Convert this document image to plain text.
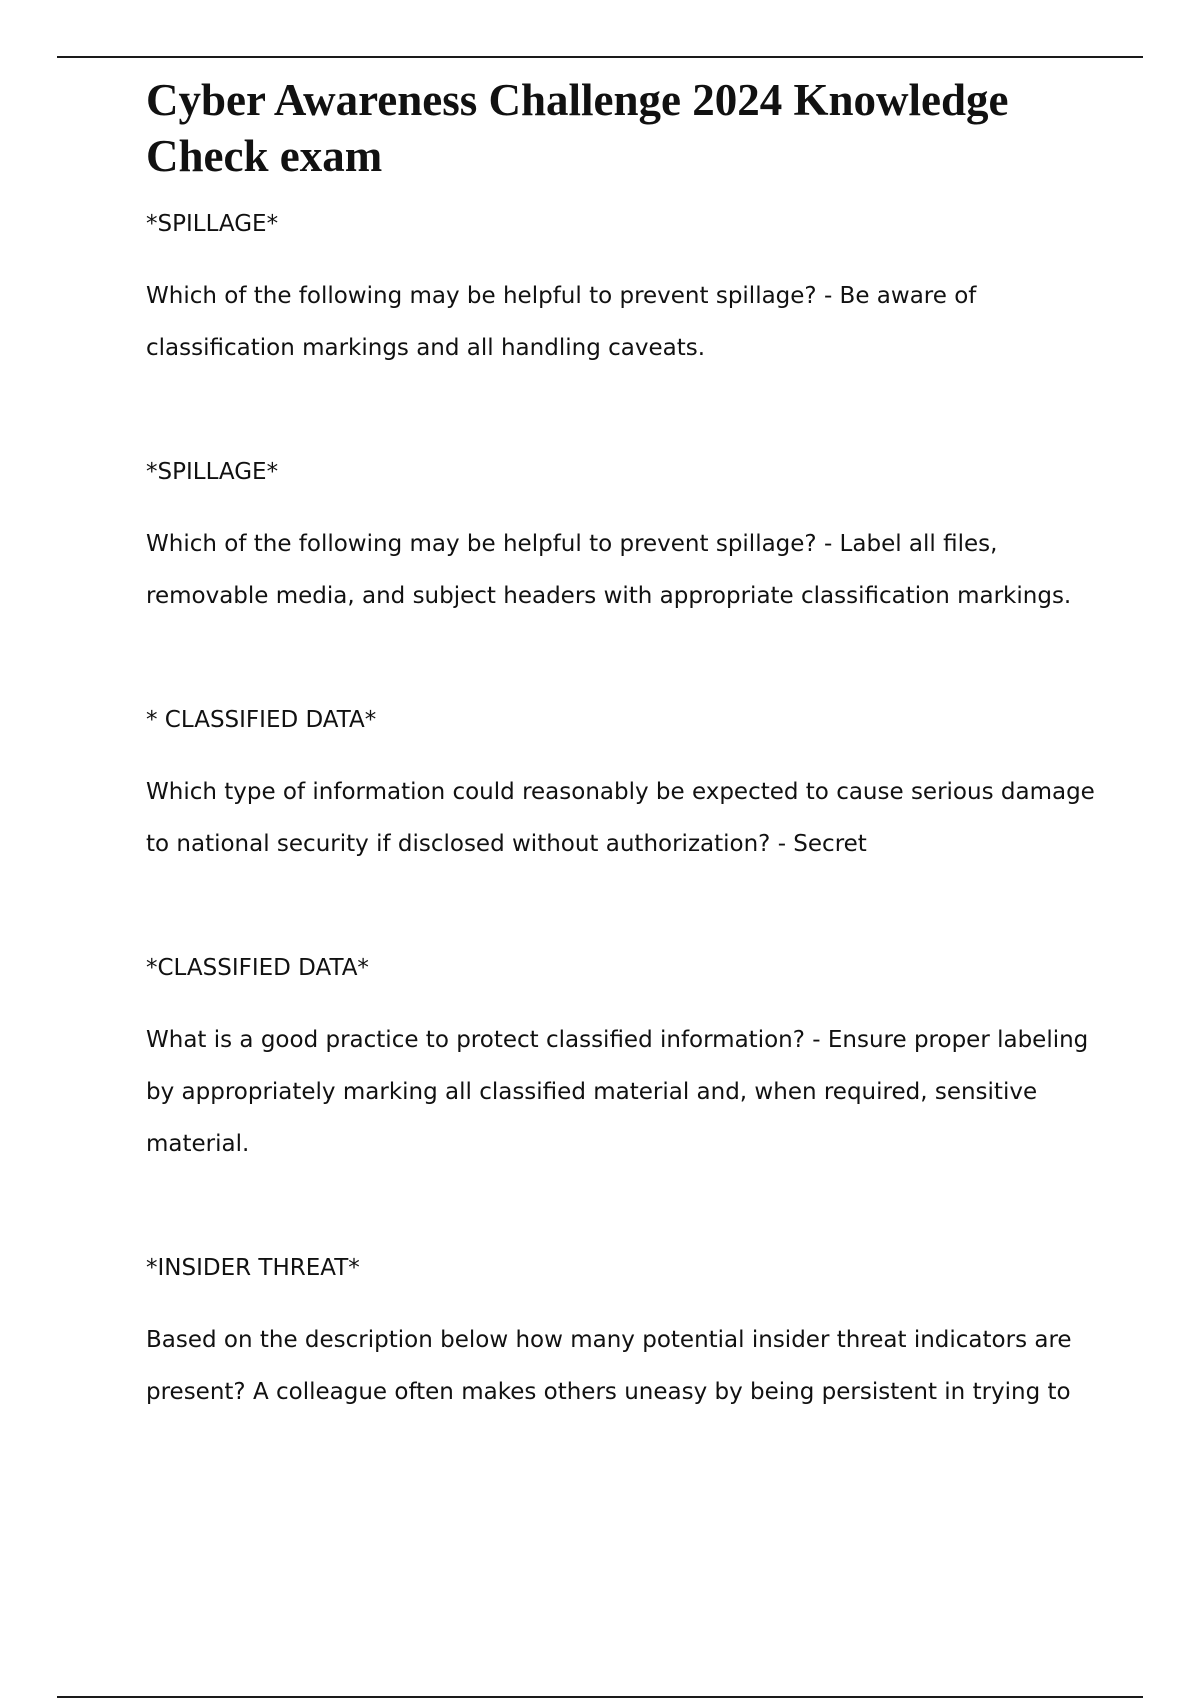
Cyber Awareness Challenge 2024 Knowledge Check exam
*SPILLAGE*

Which of the following may be helpful to prevent spillage? - Be aware of classification markings and all handling caveats.

*SPILLAGE*

Which of the following may be helpful to prevent spillage? - Label all files, removable media, and subject headers with appropriate classification markings.

* CLASSIFIED DATA*

Which type of information could reasonably be expected to cause serious damage to national security if disclosed without authorization? - Secret

*CLASSIFIED DATA*

What is a good practice to protect classified information? - Ensure proper labeling by appropriately marking all classified material and, when required, sensitive material.

*INSIDER THREAT*

Based on the description below how many potential insider threat indicators are present? A colleague often makes others uneasy by being persistent in trying to
